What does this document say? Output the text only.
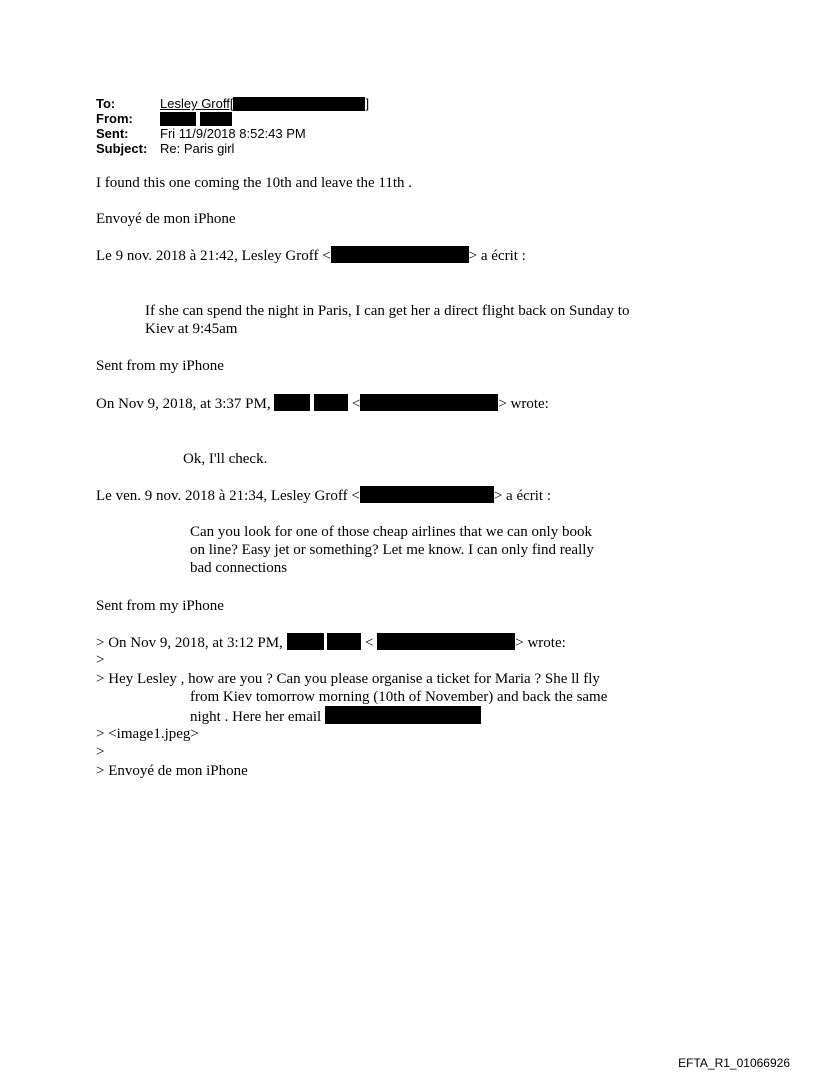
To:	Lesley Groff[	]
From:

Sent: Fri 11/9/2018 8:52:43 PM
Subject: Re: Paris girl
I found this one coming the 10th and leave the 11th .
Envoyé de mon iPhone
Le 9 nov. 2018 à 21:42, Lesley Groff <	> a écrit :
If she can spend the night in Paris, I can get her a direct flight back on Sunday to
Kiev at 9:45am
Sent from my iPhone
On Nov 9, 2018, at 3:37 PM,	<	> wrote:
Ok, I'll check.
Le ven. 9 nov. 2018 à 21:34, Lesley Groff <	> a écrit :
Can you look for one of those cheap airlines that we can only book
on line? Easy jet or something? Let me know. I can only find really
bad connections
Sent from my iPhone
> On Nov 9, 2018, at 3:12 PM,	<	> wrote:
>
> Hey Lesley , how are you ? Can you please organise a ticket for Maria ? She ll fly
from Kiev tomorrow morning (10th of November) and back the same
night . Here her email
> <image1.jpeg>
>
> Envoyé de mon iPhone
EFTA_R1_01066926
